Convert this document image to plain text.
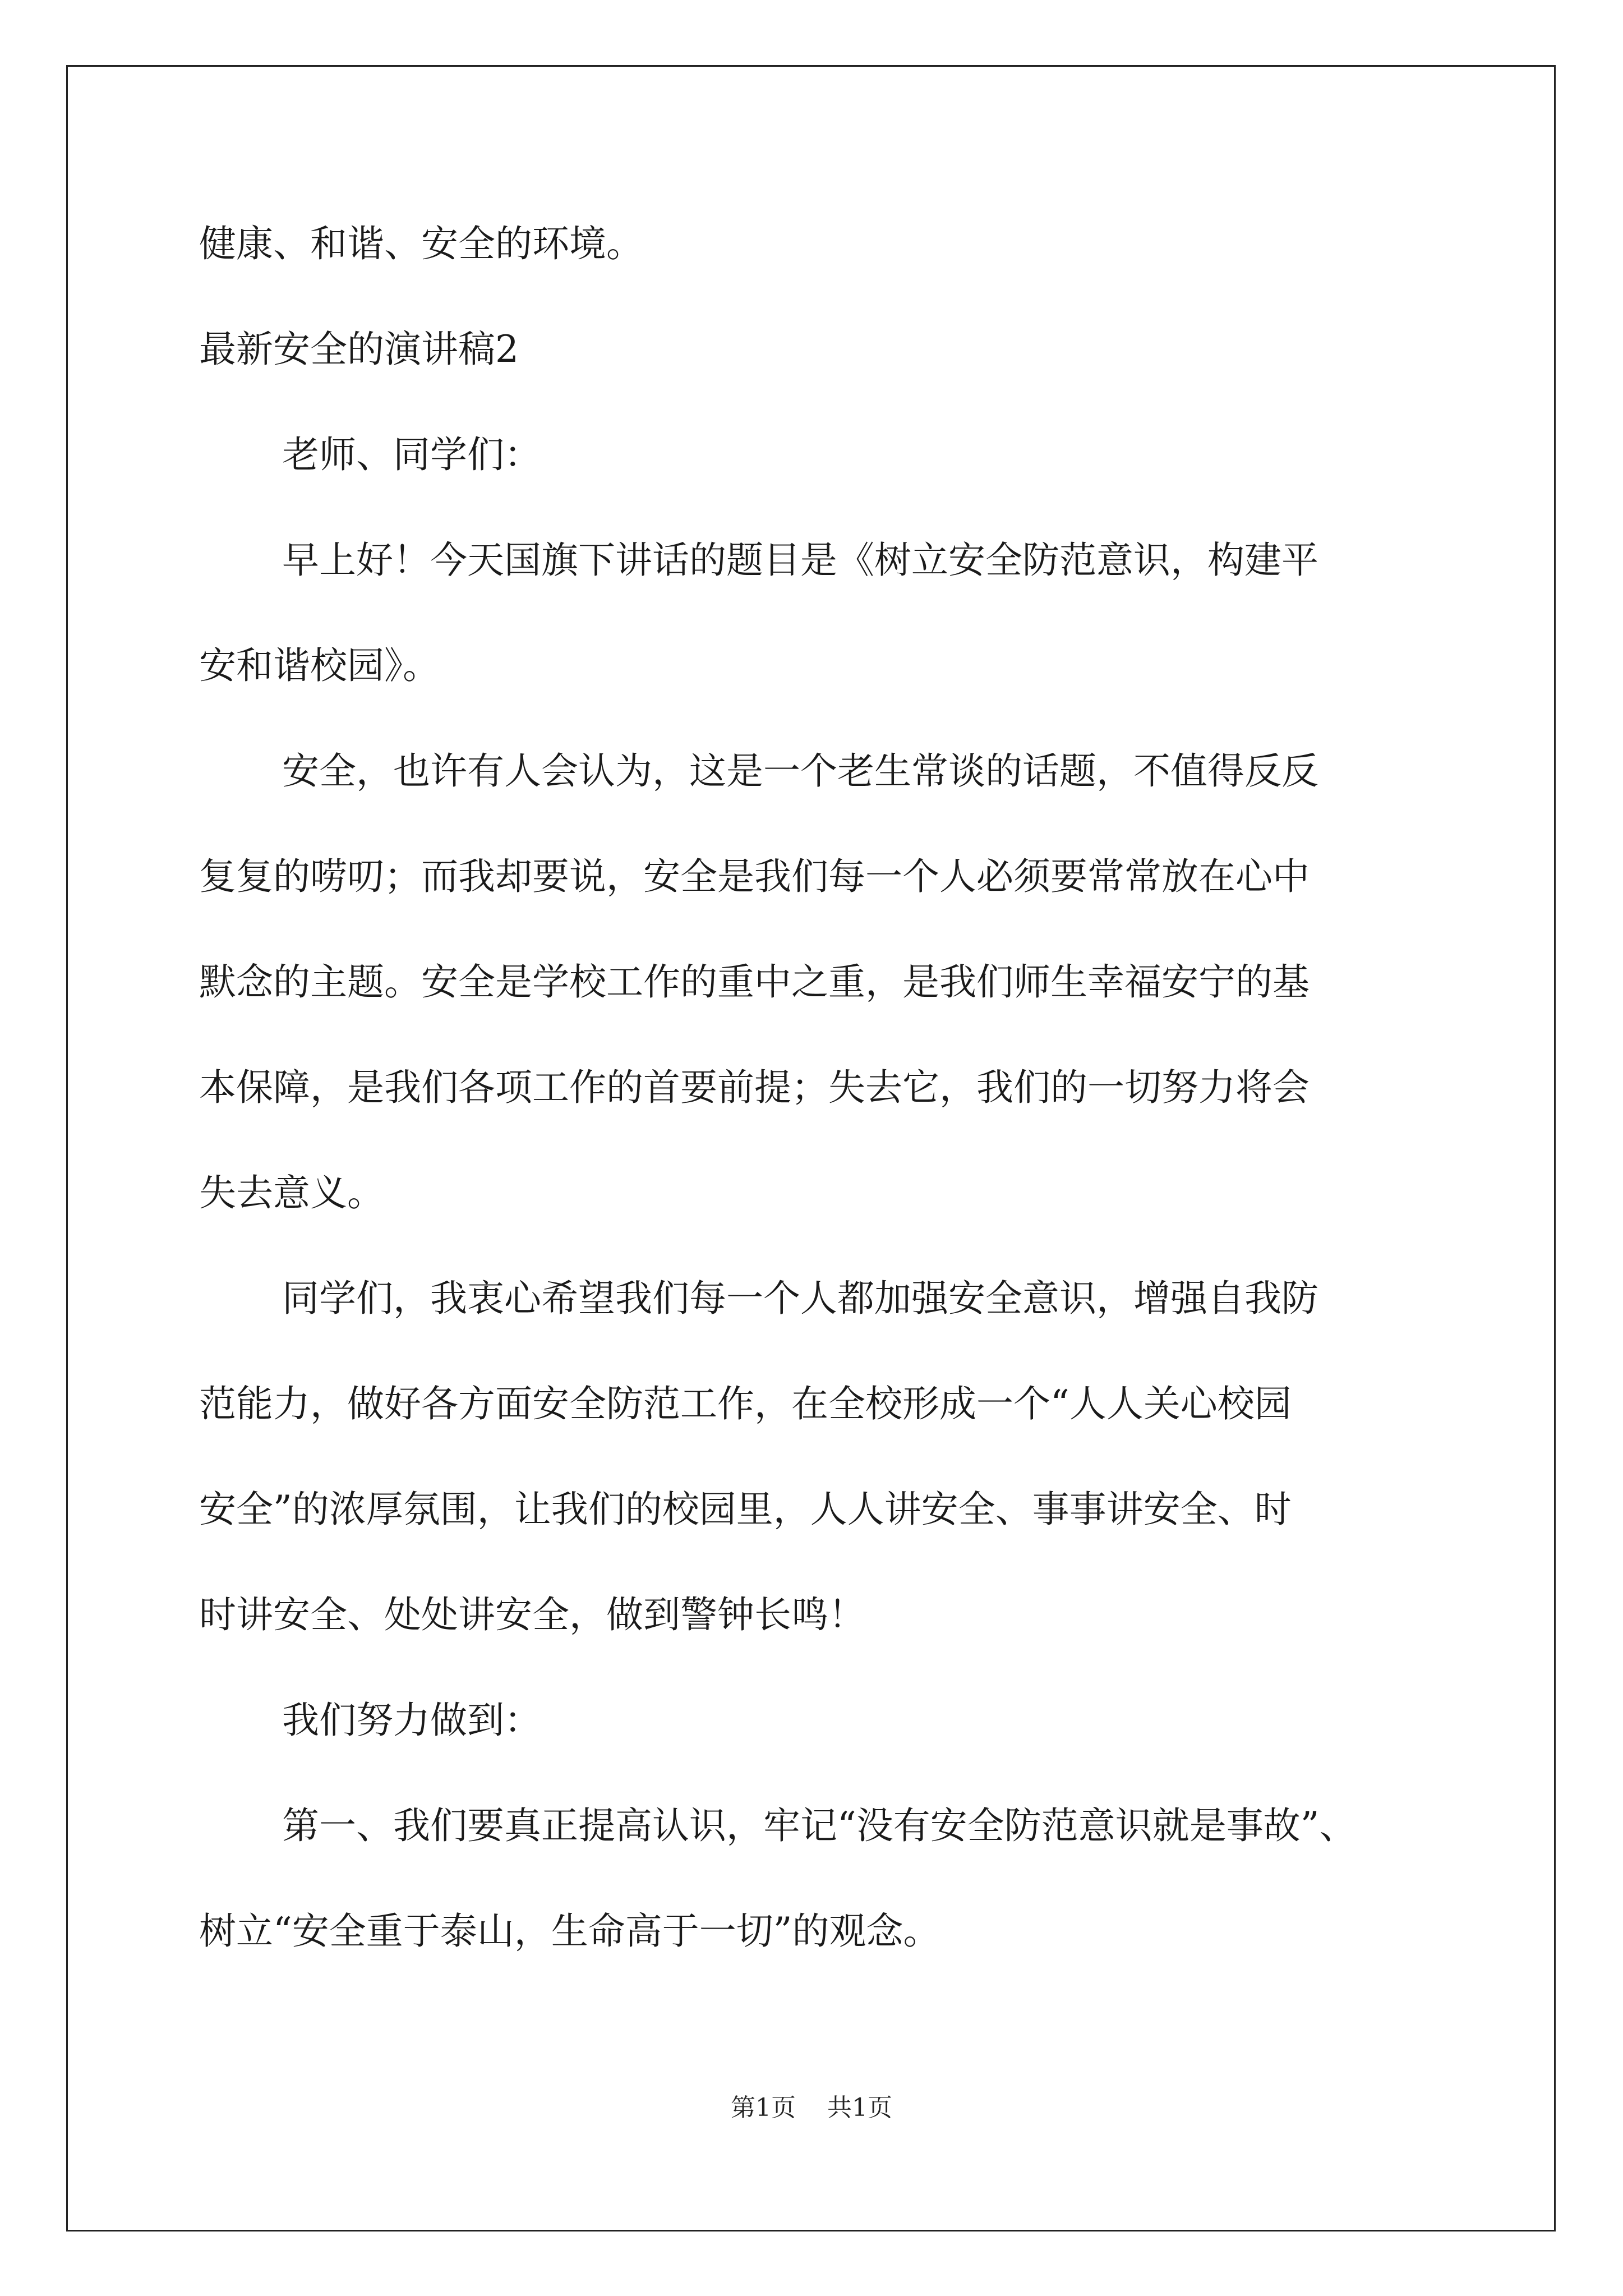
健康、和谐、安全的环境。
最新安全的演讲稿2
老师、同学们：
早上好！今天国旗下讲话的题目是《树立安全防范意识，构建平
安和谐校园》。
安全，也许有人会认为，这是一个老生常谈的话题，不值得反反
复复的唠叨；而我却要说，安全是我们每一个人必须要常常放在心中
默念的主题。安全是学校工作的重中之重，是我们师生幸福安宁的基
本保障，是我们各项工作的首要前提；失去它，我们的一切努力将会
失去意义。
同学们，我衷心希望我们每一个人都加强安全意识，增强自我防
范能力，做好各方面安全防范工作，在全校形成一个“人人关心校园
安全”的浓厚氛围，让我们的校园里，人人讲安全、事事讲安全、时
时讲安全、处处讲安全，做到警钟长鸣！
我们努力做到：
第一、我们要真正提高认识，牢记“没有安全防范意识就是事故”、
树立“安全重于泰山，生命高于一切”的观念。
第1页 共1页
